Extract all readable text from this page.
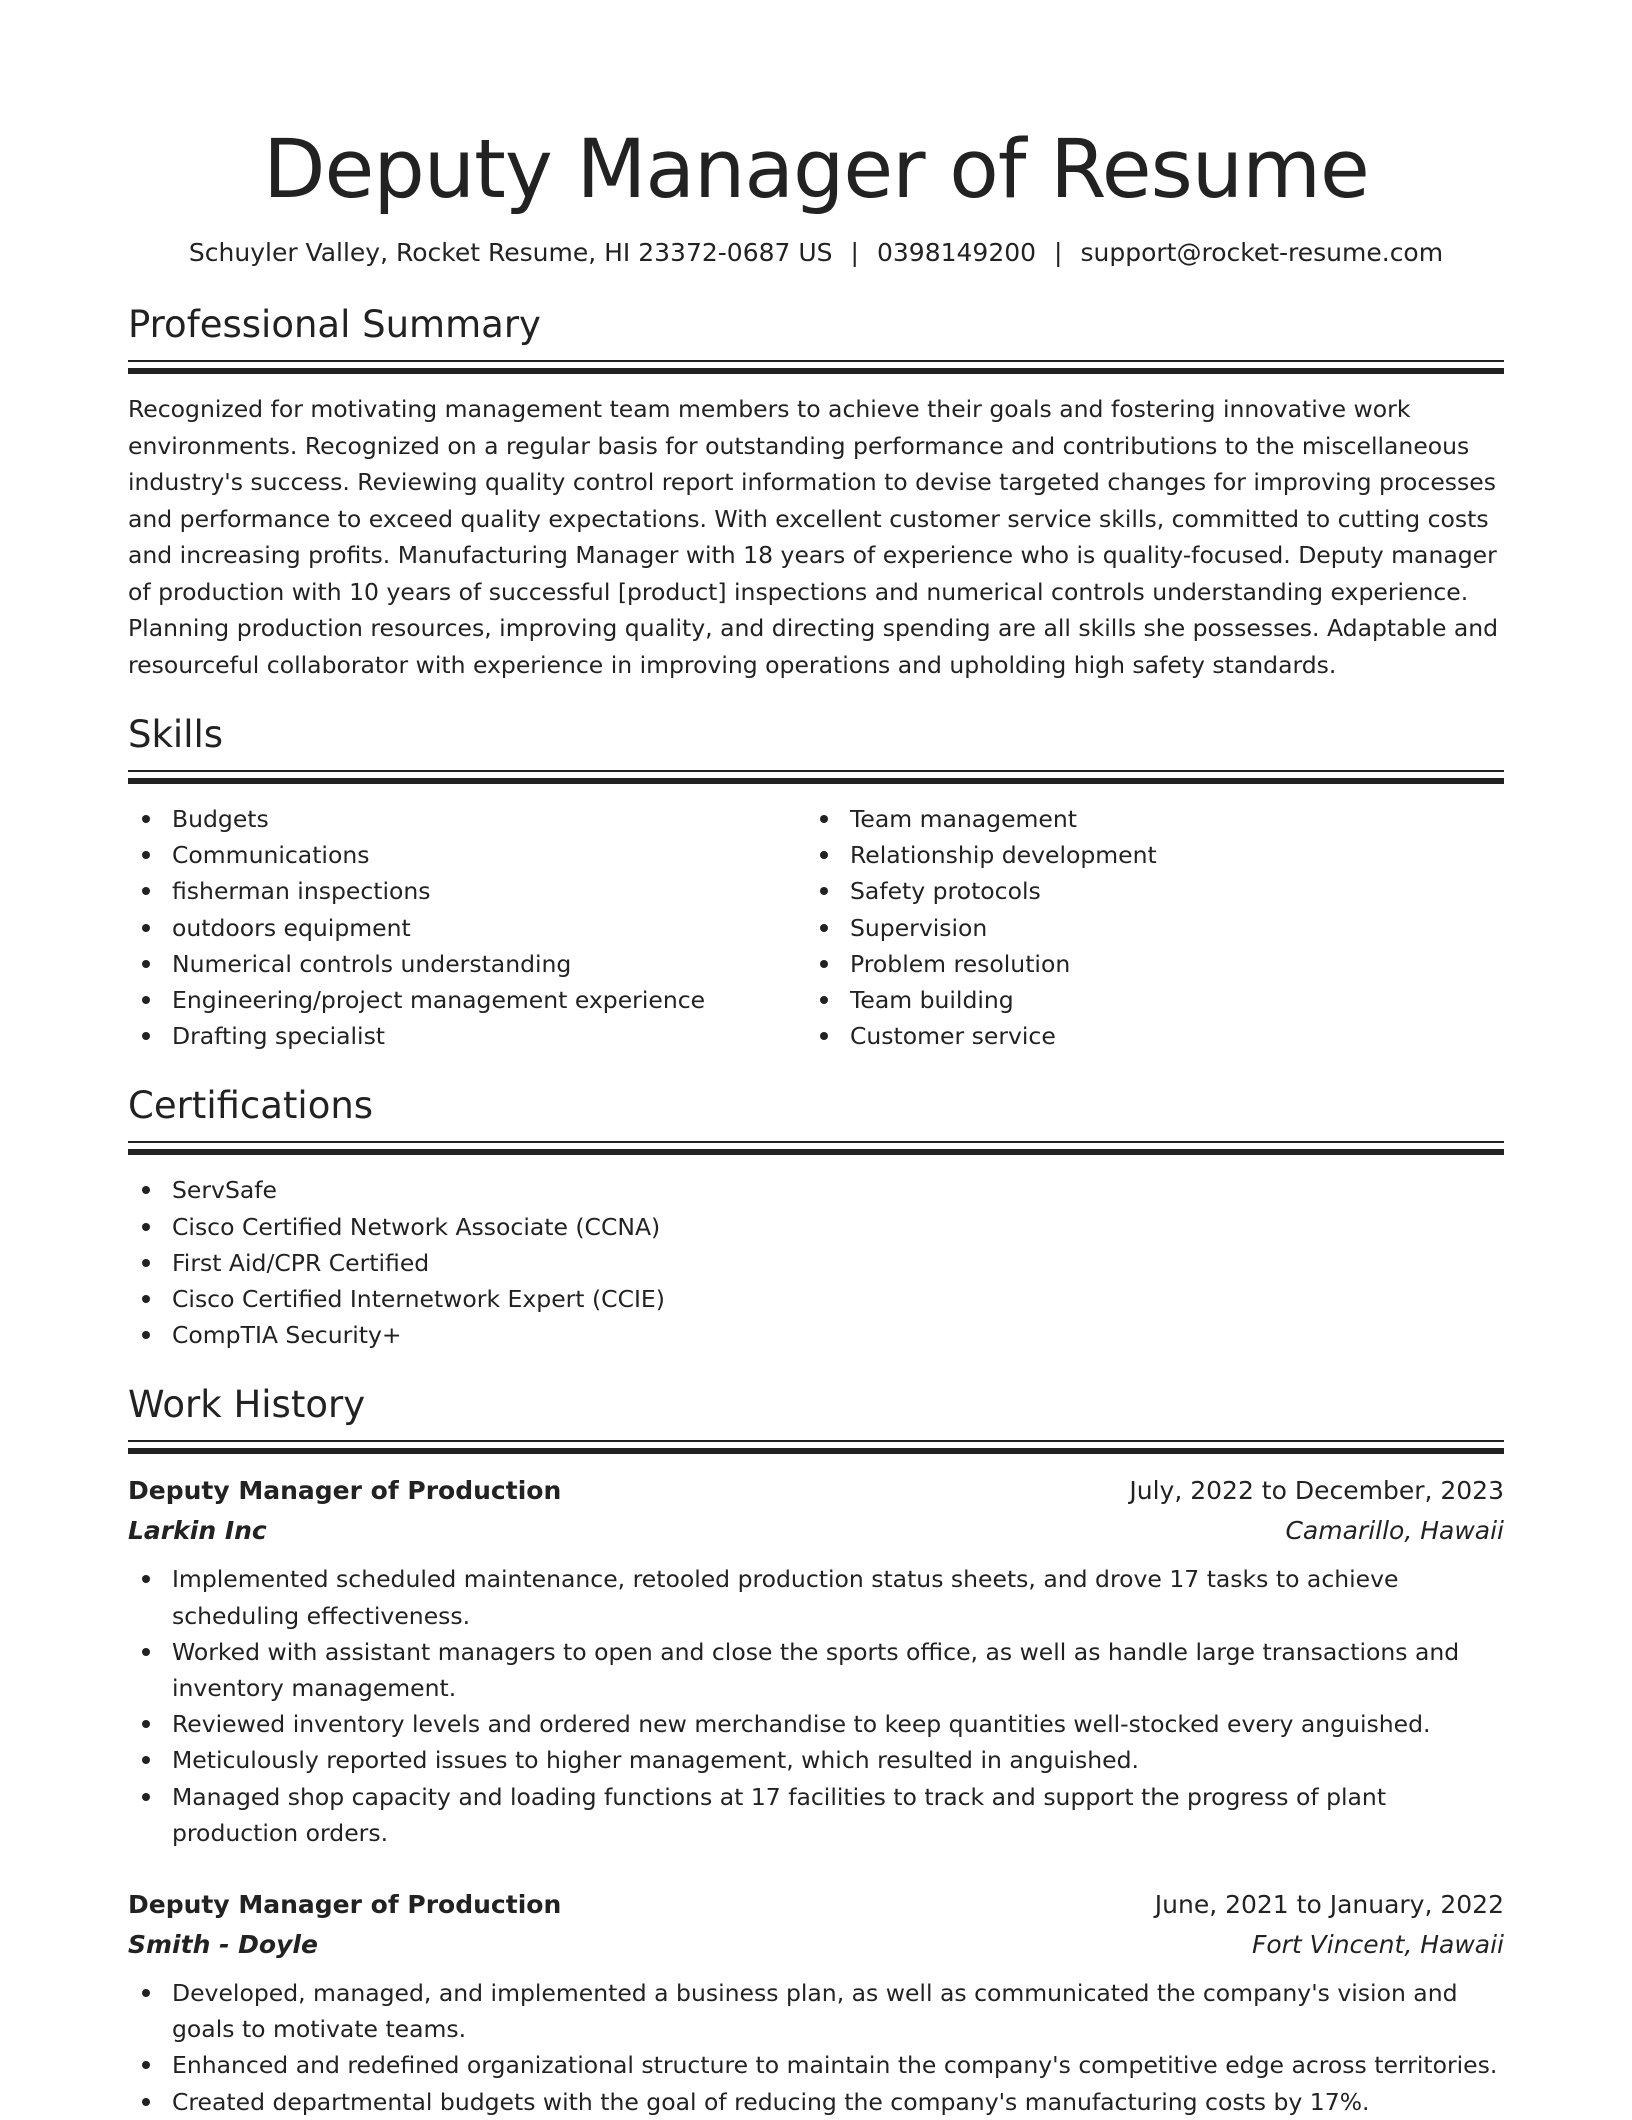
Deputy Manager of Resume
Schuyler Valley, Rocket Resume, HI 23372-0687 US | 0398149200 | support@rocket-resume.com
Professional Summary

Recognized for motivating management team members to achieve their goals and fostering innovative work environments. Recognized on a regular basis for outstanding performance and contributions to the miscellaneous industry's success. Reviewing quality control report information to devise targeted changes for improving processes and performance to exceed quality expectations. With excellent customer service skills, committed to cutting costs and increasing profits. Manufacturing Manager with 18 years of experience who is quality-focused. Deputy manager of production with 10 years of successful [product] inspections and numerical controls understanding experience. Planning production resources, improving quality, and directing spending are all skills she possesses. Adaptable and resourceful collaborator with experience in improving operations and upholding high safety standards.

Skills
Budgets
Communications
fisherman inspections
outdoors equipment
Numerical controls understanding
Engineering/project management experience
Drafting specialist
Team management
Relationship development
Safety protocols
Supervision
Problem resolution
Team building
Customer service
Certifications
ServSafe
Cisco Certified Network Associate (CCNA)
First Aid/CPR Certified
Cisco Certified Internetwork Expert (CCIE)
CompTIA Security+
Work History
Deputy Manager of Production	July, 2022 to December, 2023
Larkin Inc	Camarillo, Hawaii
Implemented scheduled maintenance, retooled production status sheets, and drove 17 tasks to achieve scheduling effectiveness.
Worked with assistant managers to open and close the sports office, as well as handle large transactions and inventory management.
Reviewed inventory levels and ordered new merchandise to keep quantities well-stocked every anguished.
Meticulously reported issues to higher management, which resulted in anguished.
Managed shop capacity and loading functions at 17 facilities to track and support the progress of plant production orders.
Deputy Manager of Production	June, 2021 to January, 2022
Smith - Doyle	Fort Vincent, Hawaii
Developed, managed, and implemented a business plan, as well as communicated the company's vision and goals to motivate teams.
Enhanced and redefined organizational structure to maintain the company's competitive edge across territories.
Created departmental budgets with the goal of reducing the company's manufacturing costs by 17%.
